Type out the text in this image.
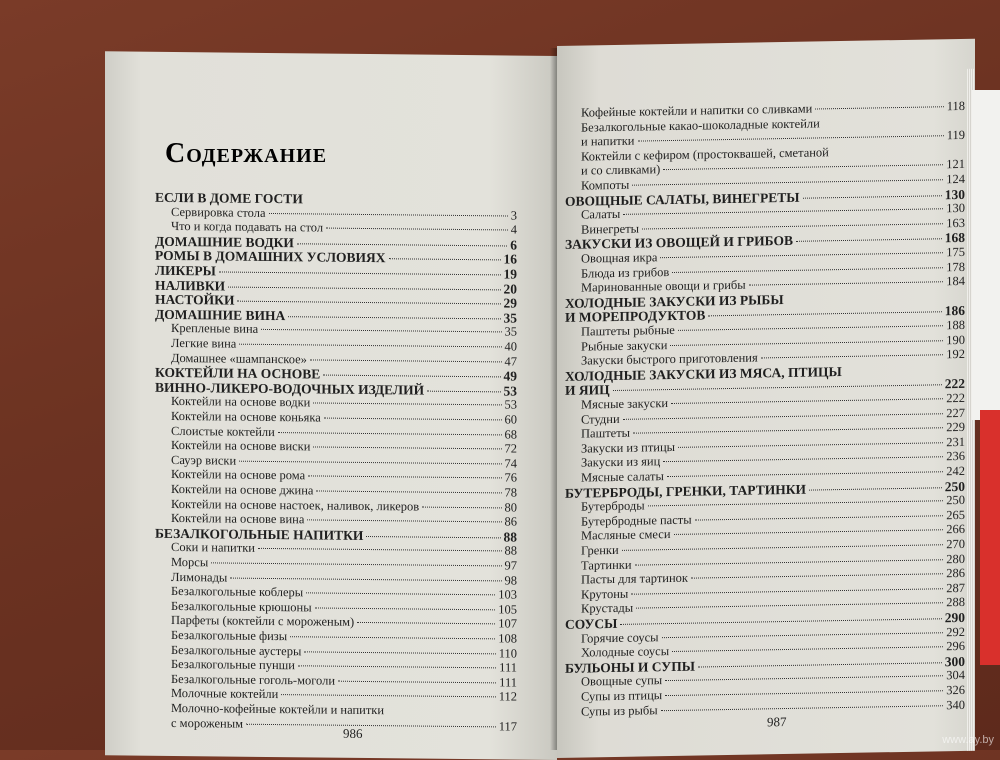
ЕСЛИ В ДОМЕ ГОСТИ
Сервировка стола	3
Что и когда подавать на стол	4
ДОМАШНИЕ ВОДКИ	6
РОМЫ В ДОМАШНИХ УСЛОВИЯХ	16
ЛИКЕРЫ	19
НАЛИВКИ	20
НАСТОЙКИ	29
ДОМАШНИЕ ВИНА	35
Крепленые вина	35
Легкие вина	40
Домашнее «шампанское»	47
КОКТЕЙЛИ НА ОСНОВЕ	49
ВИННО-ЛИКЕРО-ВОДОЧНЫХ ИЗДЕЛИЙ	53
Коктейли на основе водки	53
Коктейли на основе коньяка	60
Слоистые коктейли	68
Коктейли на основе виски	72
Сауэр виски	74
Коктейли на основе рома	76
Коктейли на основе джина	78
Коктейли на основе настоек, наливок, ликеров	80
Коктейли на основе вина	86
БЕЗАЛКОГОЛЬНЫЕ НАПИТКИ	88
Соки и напитки	88
Морсы	97
Лимонады	98
Безалкогольные коблеры	103
Безалкогольные крюшоны	105
Парфеты (коктейли с мороженым)	107
Безалкогольные физы	108
Безалкогольные аустеры	110
Безалкогольные пунши	111
Безалкогольные гоголь-моголи	111
Молочные коктейли	112
Молочно-кофейные коктейли и напитки
с мороженым	117
986
Кофейные коктейли и напитки со сливками	118
Безалкогольные какао-шоколадные коктейли
и напитки	119
Коктейли с кефиром (простоквашей, сметаной
и со сливками)	121
Компоты	124
ОВОЩНЫЕ САЛАТЫ, ВИНЕГРЕТЫ	130
Салаты	130
Винегреты	163
ЗАКУСКИ ИЗ ОВОЩЕЙ И ГРИБОВ	168
Овощная икра	175
Блюда из грибов	178
Маринованные овощи и грибы	184
ХОЛОДНЫЕ ЗАКУСКИ ИЗ РЫБЫ
И МОРЕПРОДУКТОВ	186
Паштеты рыбные	188
Рыбные закуски	190
Закуски быстрого приготовления	192
ХОЛОДНЫЕ ЗАКУСКИ ИЗ МЯСА, ПТИЦЫ
И ЯИЦ	222
Мясные закуски	222
Студни	227
Паштеты	229
Закуски из птицы	231
Закуски из яиц	236
Мясные салаты	242
БУТЕРБРОДЫ, ГРЕНКИ, ТАРТИНКИ	250
Бутерброды	250
Бутербродные пасты	265
Масляные смеси	266
Гренки	270
Тартинки	280
Пасты для тартинок	286
Крутоны	287
Крустады	288
СОУСЫ	290
Горячие соусы	292
Холодные соусы	296
БУЛЬОНЫ И СУПЫ	300
Овощные супы	304
Супы из птицы	326
Супы из рыбы	340
987
Содержание
www.ay.by
